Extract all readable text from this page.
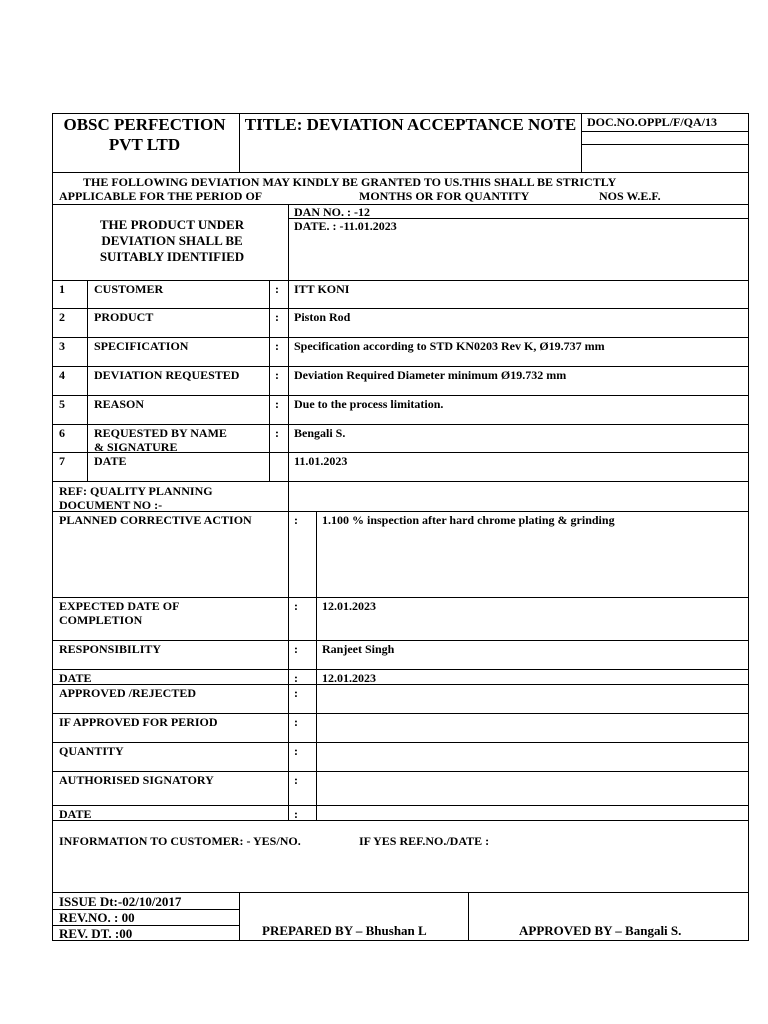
OBSC PERFECTION PVT LTD
TITLE: DEVIATION ACCEPTANCE NOTE DOC.NO.OPPL/F/QA/13
THE FOLLOWING DEVIATION MAY KINDLY BE GRANTED TO US.THIS SHALL BE STRICTLY
APPLICABLE FOR THE PERIOD OF	MONTHS OR FOR QUANTITY	NOS W.E.F.
THE PRODUCT UNDER DEVIATION SHALL BE SUITABLY IDENTIFIED
DAN NO. : -12
DATE. : -11.01.2023
1 CUSTOMER	: ITT KONI
2 PRODUCT	: Piston Rod
3 SPECIFICATION	: Specification according to STD KN0203 Rev K, Ø19.737 mm
4 DEVIATION REQUESTED	: Deviation Required Diameter minimum Ø19.732 mm
5 REASON	: Due to the process limitation.
6 REQUESTED BY NAME
& SIGNATURE
: Bengali S.
7 DATE	11.01.2023
REF: QUALITY PLANNING
DOCUMENT NO :-
PLANNED CORRECTIVE ACTION	: 1.100 % inspection after hard chrome plating & grinding
EXPECTED DATE OF
COMPLETION
: 12.01.2023
RESPONSIBILITY	: Ranjeet Singh
DATE	: 12.01.2023
APPROVED /REJECTED	:
IF APPROVED FOR PERIOD	:
QUANTITY	:
AUTHORISED SIGNATORY	:
DATE	:
INFORMATION TO CUSTOMER: - YES/NO.	IF YES REF.NO./DATE :
ISSUE Dt:-02/10/2017
REV.NO. : 00
REV. DT. :00	PREPARED BY – Bhushan L	APPROVED BY – Bangali S.
